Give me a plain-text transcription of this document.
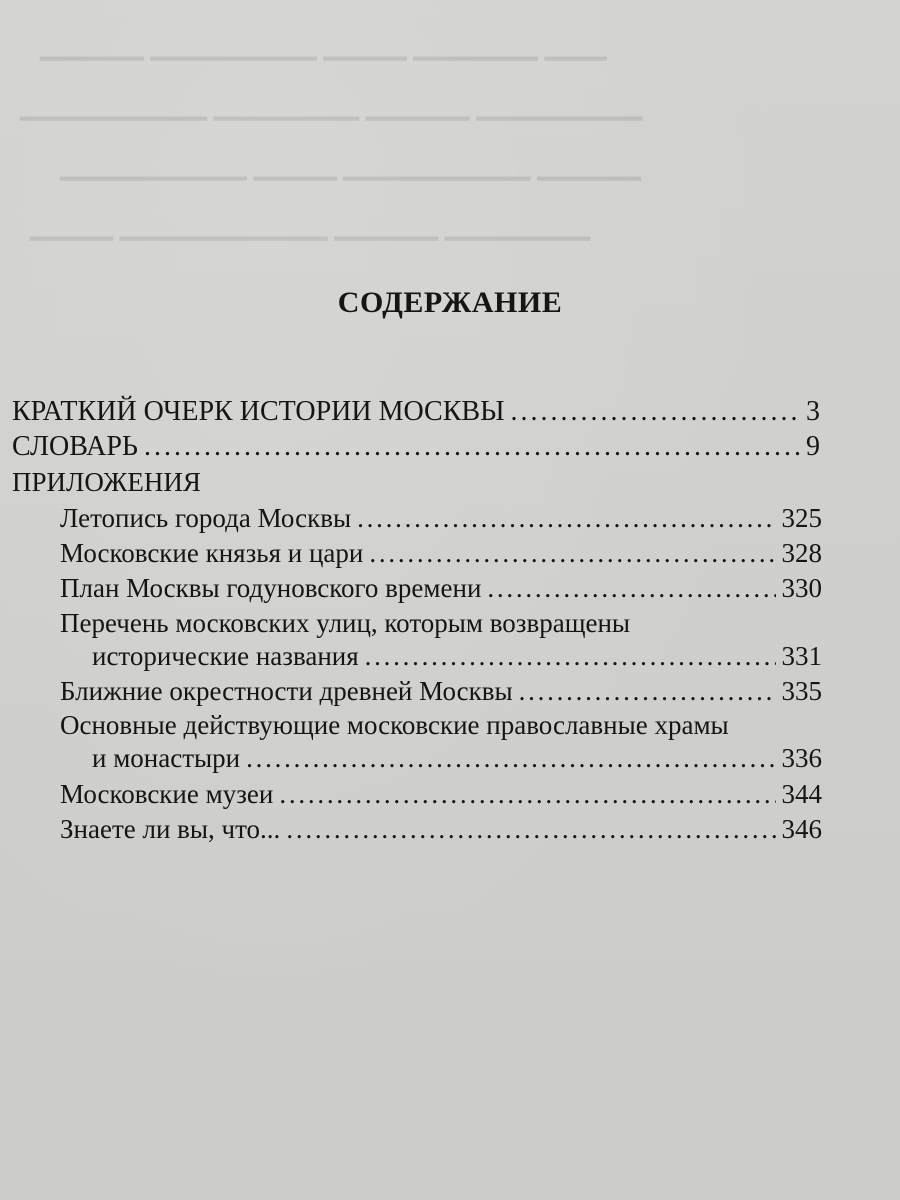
▁▁▁ ▁▁▁▁▁▁ ▁▁▁▁ ▁▁▁▁▁▁▁▁ ▁▁▁▁▁
▁▁▁▁▁▁▁▁ ▁▁▁▁▁ ▁▁▁▁▁▁▁ ▁▁▁▁▁▁▁▁▁
▁▁▁▁▁ ▁▁▁▁▁▁▁▁▁ ▁▁▁▁ ▁▁▁▁▁▁▁▁▁
▁▁▁▁▁▁▁ ▁▁▁▁▁ ▁▁▁▁▁▁▁▁▁▁ ▁▁▁▁
СОДЕРЖАНИЕ
КРАТКИЙ ОЧЕРК ИСТОРИИ МОСКВЫ . . .	3
СЛОВАРЬ . . .	9
ПРИЛОЖЕНИЯ
Летопись города Москвы . . .	325
Московские князья и цари . . .	328
План Москвы годуновского времени . . .	330
Перечень московских улиц, которым возвращены
исторические названия . . .	331
Ближние окрестности древней Москвы . . .	335
Основные действующие московские православные храмы
и монастыри . . .	336
Московские музеи . . .	344
Знаете ли вы, что... . . .	346
